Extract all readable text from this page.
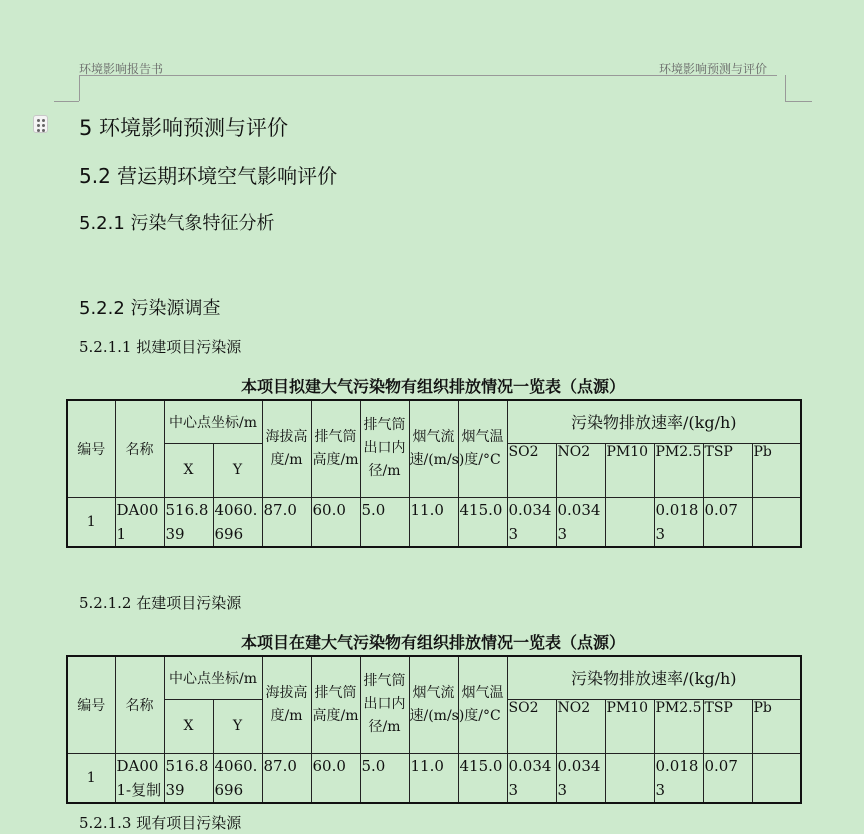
环境影响报告书	环境影响预测与评价
5 环境影响预测与评价
5.2 营运期环境空气影响评价
5.2.1 污染气象特征分析
5.2.2 污染源调查
5.2.1.1 拟建项目污染源
本项目拟建大气污染物有组织排放情况一览表（点源）
编号	名称	中心点坐标/m		海拔高度/m	排气筒高度/m	排气筒出口内径/m	烟气流速/(m/s)	烟气温度/°C	污染物排放速率/(kg/h)					
		X	Y						SO2	NO2	PM10	PM2.5	TSP	Pb
1	DA001	516.839	4060.696	87.0	60.0	5.0	11.0	415.0	0.0343	0.0343		0.0183	0.07	
5.2.1.2 在建项目污染源
本项目在建大气污染物有组织排放情况一览表（点源）
编号	名称	中心点坐标/m		海拔高度/m	排气筒高度/m	排气筒出口内径/m	烟气流速/(m/s)	烟气温度/°C	污染物排放速率/(kg/h)					
		X	Y						SO2	NO2	PM10	PM2.5	TSP	Pb
1	DA001-复制	516.839	4060.696	87.0	60.0	5.0	11.0	415.0	0.0343	0.0343		0.0183	0.07	
5.2.1.3 现有项目污染源
